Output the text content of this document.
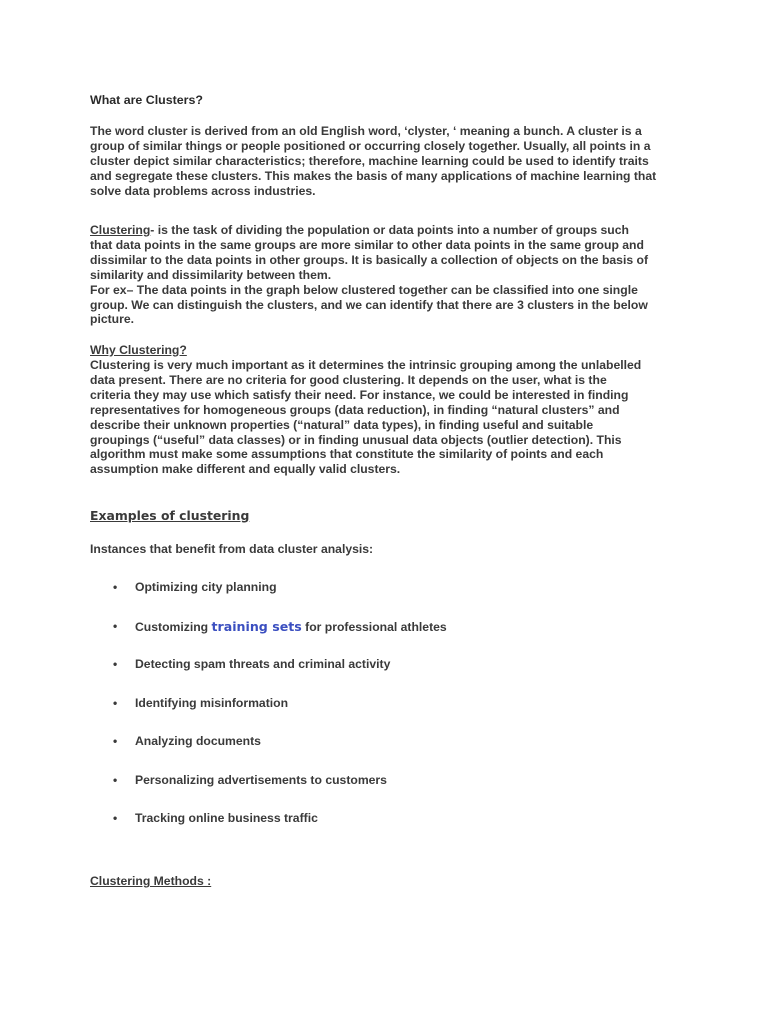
What are Clusters?

The word cluster is derived from an old English word, ‘clyster, ‘ meaning a bunch. A cluster is a

group of similar things or people positioned or occurring closely together. Usually, all points in a

cluster depict similar characteristics; therefore, machine learning could be used to identify traits

and segregate these clusters. This makes the basis of many applications of machine learning that

solve data problems across industries.

Clustering- is the task of dividing the population or data points into a number of groups such

that data points in the same groups are more similar to other data points in the same group and

dissimilar to the data points in other groups. It is basically a collection of objects on the basis of

similarity and dissimilarity between them.

For ex– The data points in the graph below clustered together can be classified into one single

group. We can distinguish the clusters, and we can identify that there are 3 clusters in the below

picture.

Why Clustering?

Clustering is very much important as it determines the intrinsic grouping among the unlabelled

data present. There are no criteria for good clustering. It depends on the user, what is the

criteria they may use which satisfy their need. For instance, we could be interested in finding

representatives for homogeneous groups (data reduction), in finding “natural clusters” and

describe their unknown properties (“natural” data types), in finding useful and suitable

groupings (“useful” data classes) or in finding unusual data objects (outlier detection). This

algorithm must make some assumptions that constitute the similarity of points and each

assumption make different and equally valid clusters.

Examples of clustering
Instances that benefit from data cluster analysis:
• Optimizing city planning
• Customizing training sets for professional athletes
• Detecting spam threats and criminal activity
• Identifying misinformation
• Analyzing documents
• Personalizing advertisements to customers
• Tracking online business traffic
Clustering Methods :
